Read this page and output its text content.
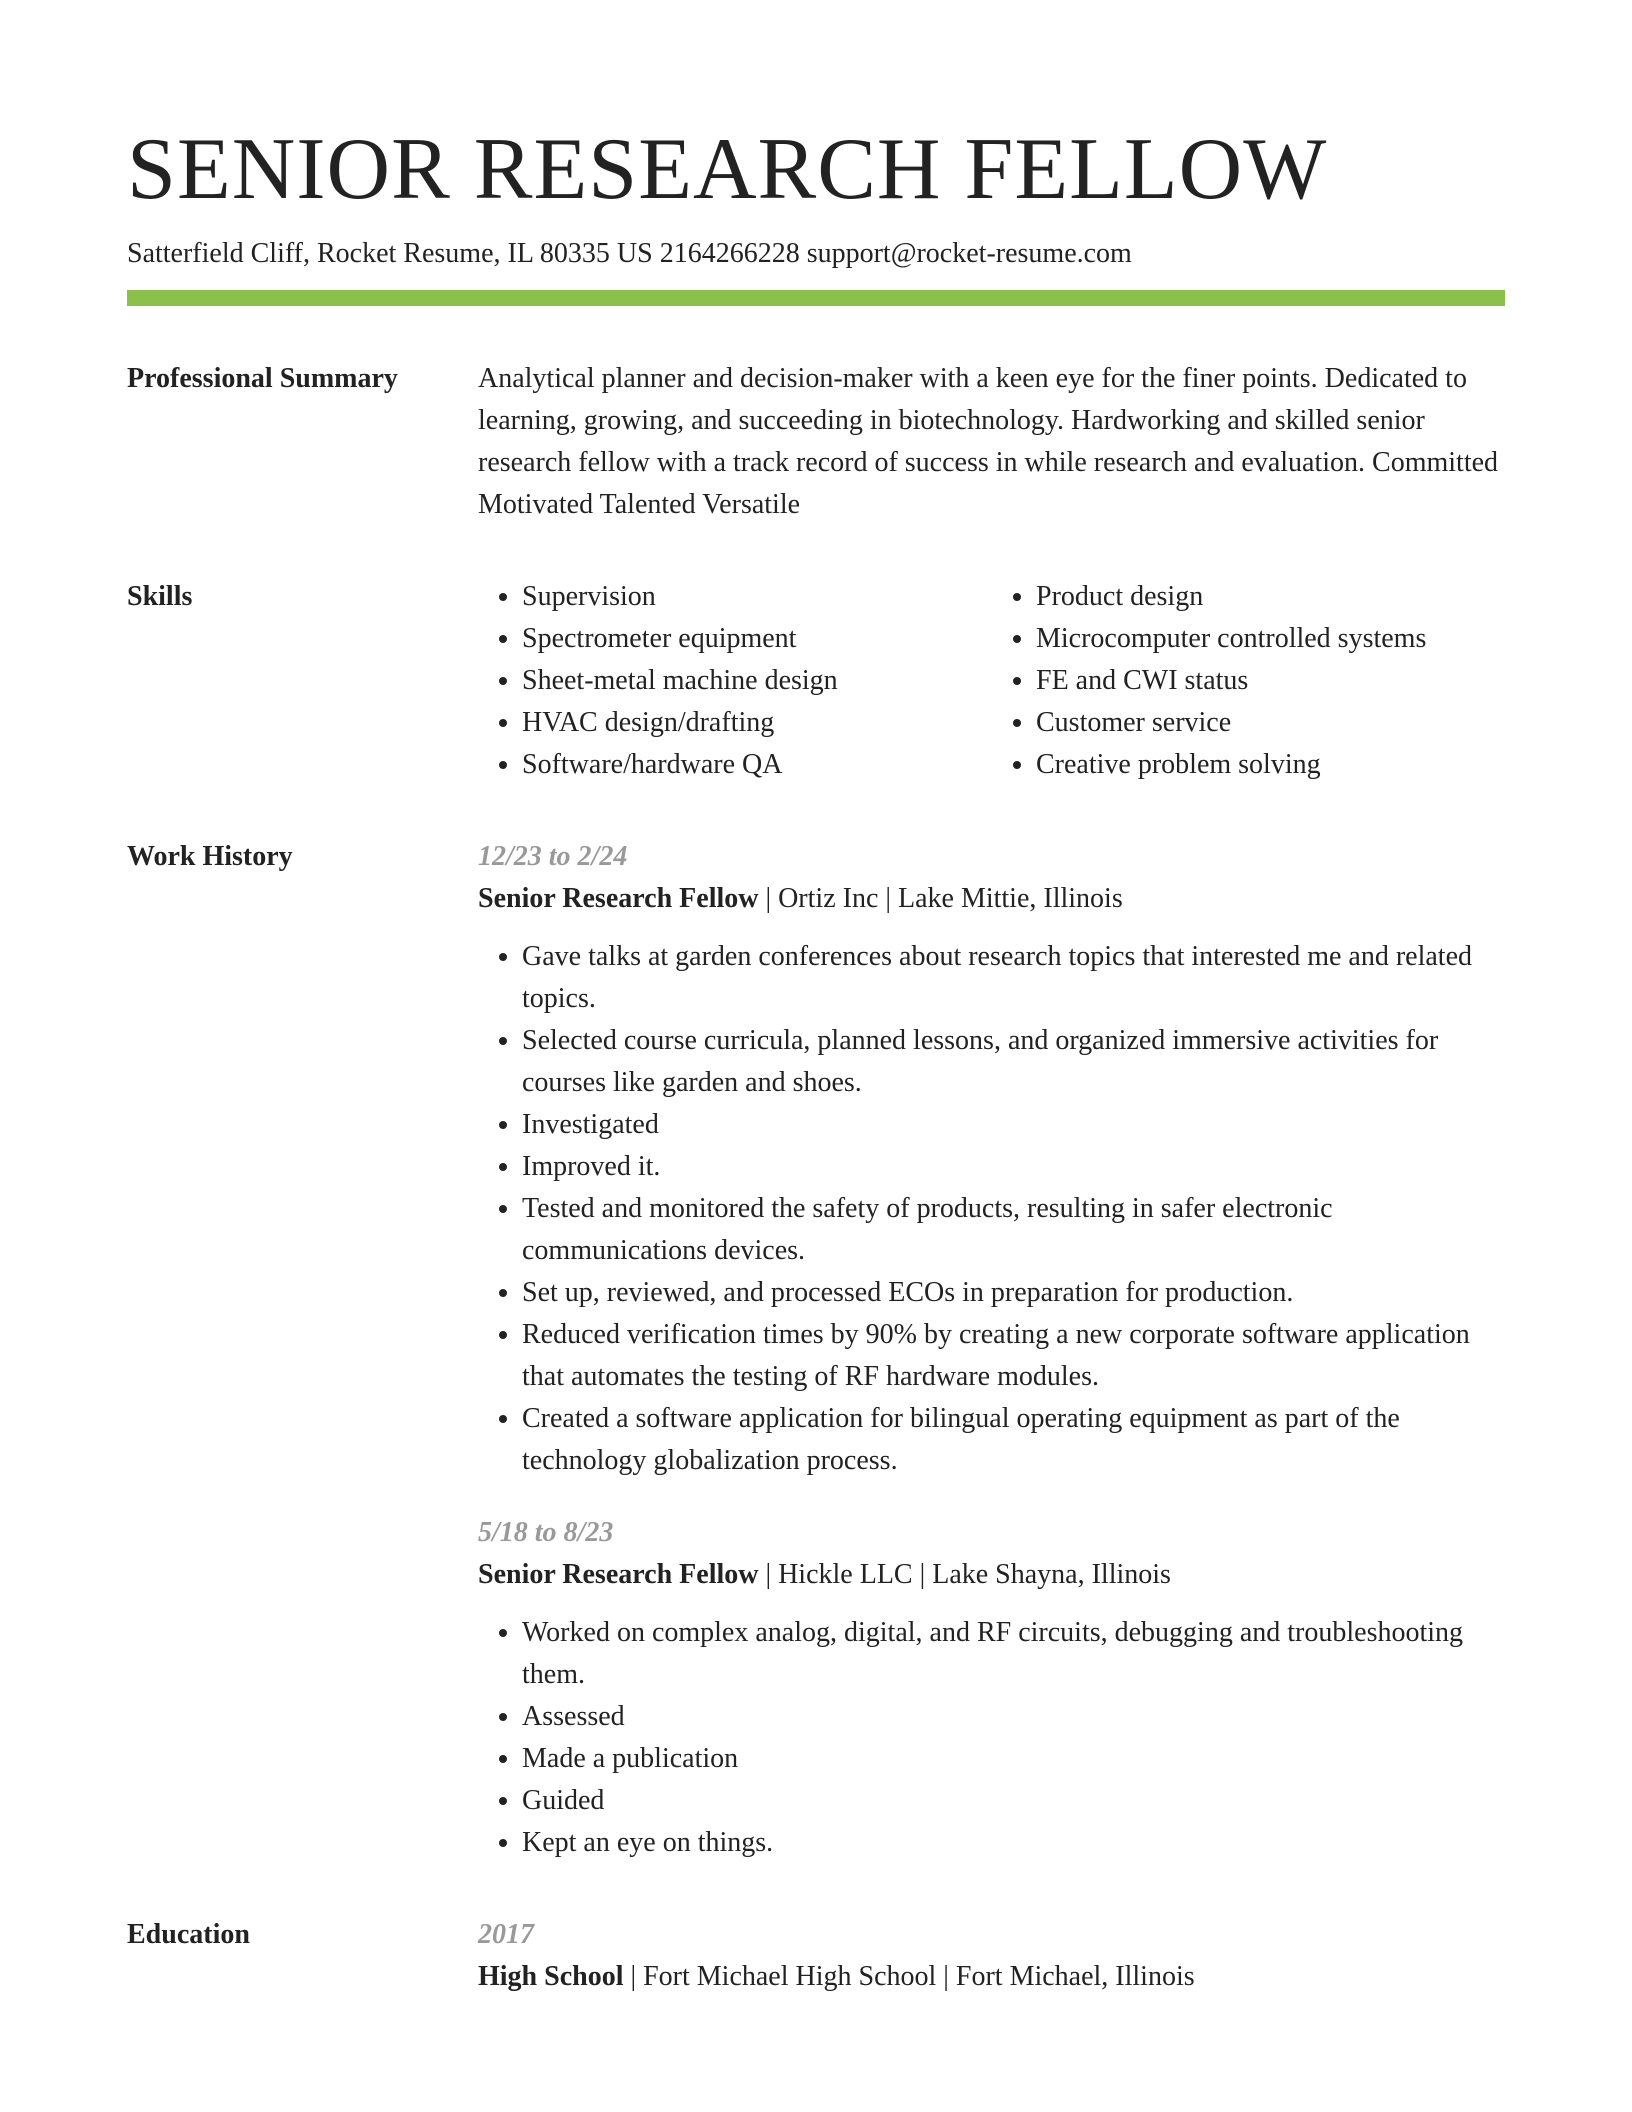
SENIOR RESEARCH FELLOW
Satterfield Cliff, Rocket Resume, IL 80335 US 2164266228 support@rocket-resume.com
Professional Summary	Analytical planner and decision-maker with a keen eye for the finer points. Dedicated to learning, growing, and succeeding in biotechnology. Hardworking and skilled senior research fellow with a track record of success in while research and evaluation. Committed Motivated Talented Versatile

Skills
•	Supervision
• Spectrometer equipment
• Sheet-metal machine design
• HVAC design/drafting
• Software/hardware QA
• Product design
• Microcomputer controlled systems
• FE and CWI status
• Customer service
• Creative problem solving
Work History	12/23 to 2/24
Senior Research Fellow | Ortiz Inc | Lake Mittie, Illinois
• Gave talks at garden conferences about research topics that interested me and related topics.
• Selected course curricula, planned lessons, and organized immersive activities for courses like garden and shoes.
• Investigated
• Improved it.
• Tested and monitored the safety of products, resulting in safer electronic communications devices.
• Set up, reviewed, and processed ECOs in preparation for production.
• Reduced verification times by 90% by creating a new corporate software application that automates the testing of RF hardware modules.
• Created a software application for bilingual operating equipment as part of the technology globalization process.
5/18 to 8/23
Senior Research Fellow | Hickle LLC | Lake Shayna, Illinois
• Worked on complex analog, digital, and RF circuits, debugging and troubleshooting them.
• Assessed
• Made a publication
• Guided
• Kept an eye on things.
Education	2017
High School | Fort Michael High School | Fort Michael, Illinois
